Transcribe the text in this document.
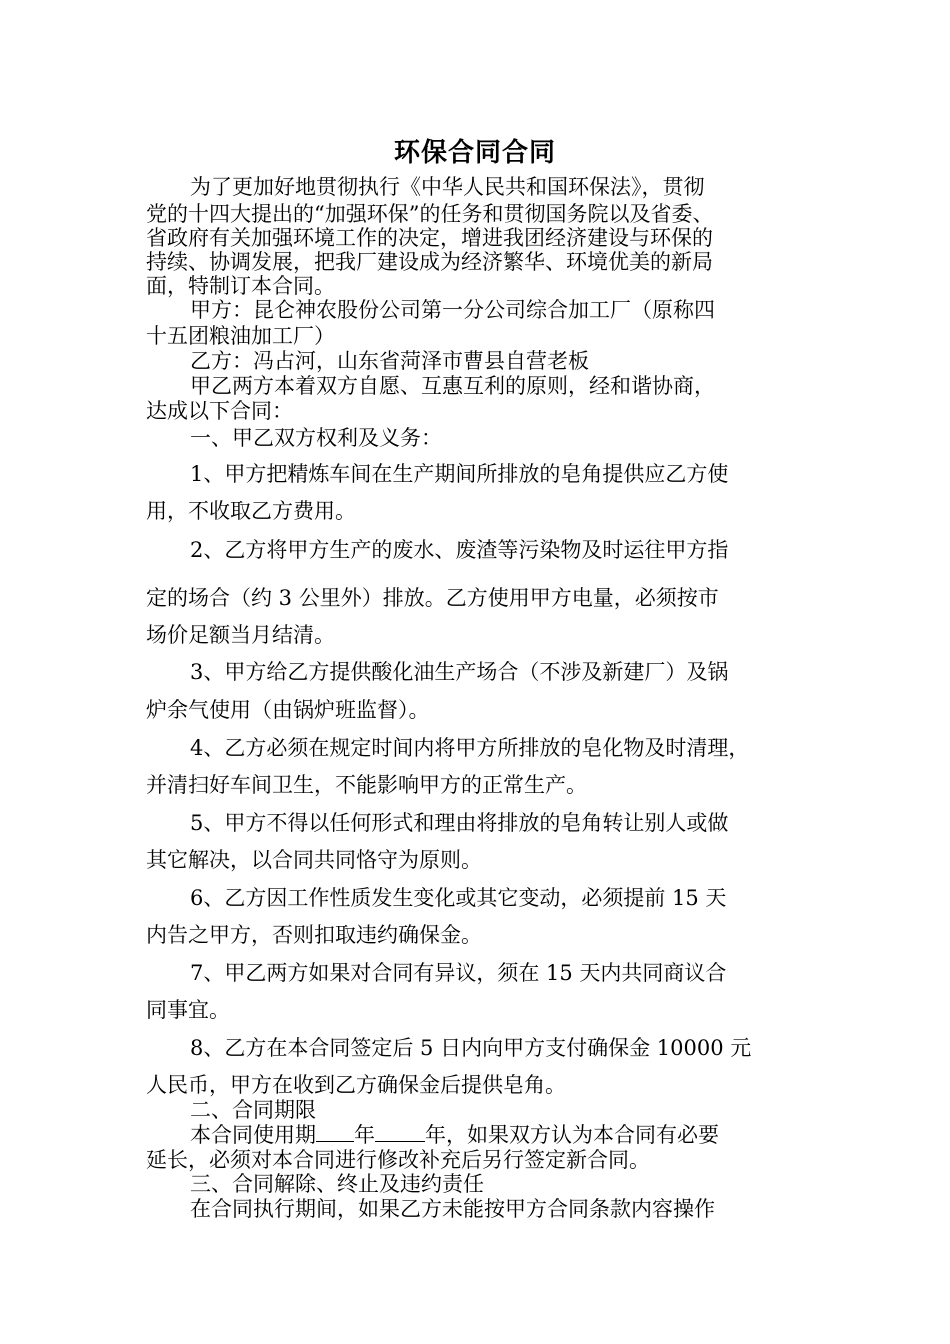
环保合同合同
为了更加好地贯彻执行《中华人民共和国环保法》，贯彻
党的十四大提出的“加强环保”的任务和贯彻国务院以及省委、
省政府有关加强环境工作的决定，增进我团经济建设与环保的
持续、协调发展，把我厂建设成为经济繁华、环境优美的新局
面，特制订本合同。
甲方：昆仑神农股份公司第一分公司综合加工厂（原称四
十五团粮油加工厂）
乙方：冯占河，山东省菏泽市曹县自营老板
甲乙两方本着双方自愿、互惠互利的原则，经和谐协商，
达成以下合同：
一、甲乙双方权利及义务：
1、甲方把精炼车间在生产期间所排放的皂角提供应乙方使
用，不收取乙方费用。
2、乙方将甲方生产的废水、废渣等污染物及时运往甲方指
定的场合（约 3 公里外）排放。乙方使用甲方电量，必须按市
场价足额当月结清。
3、甲方给乙方提供酸化油生产场合（不涉及新建厂）及锅
炉余气使用（由锅炉班监督）。
4、乙方必须在规定时间内将甲方所排放的皂化物及时清理，
并清扫好车间卫生，不能影响甲方的正常生产。
5、甲方不得以任何形式和理由将排放的皂角转让别人或做
其它解决，以合同共同恪守为原则。
6、乙方因工作性质发生变化或其它变动，必须提前 15 天
内告之甲方，否则扣取违约确保金。
7、甲乙两方如果对合同有异议，须在 15 天内共同商议合
同事宜。
8、乙方在本合同签定后 5 日内向甲方支付确保金 10000 元
人民币，甲方在收到乙方确保金后提供皂角。
二、合同期限
本合同使用期 年 年，如果双方认为本合同有必要
延长，必须对本合同进行修改补充后另行签定新合同。
三、合同解除、终止及违约责任
在合同执行期间，如果乙方未能按甲方合同条款内容操作
